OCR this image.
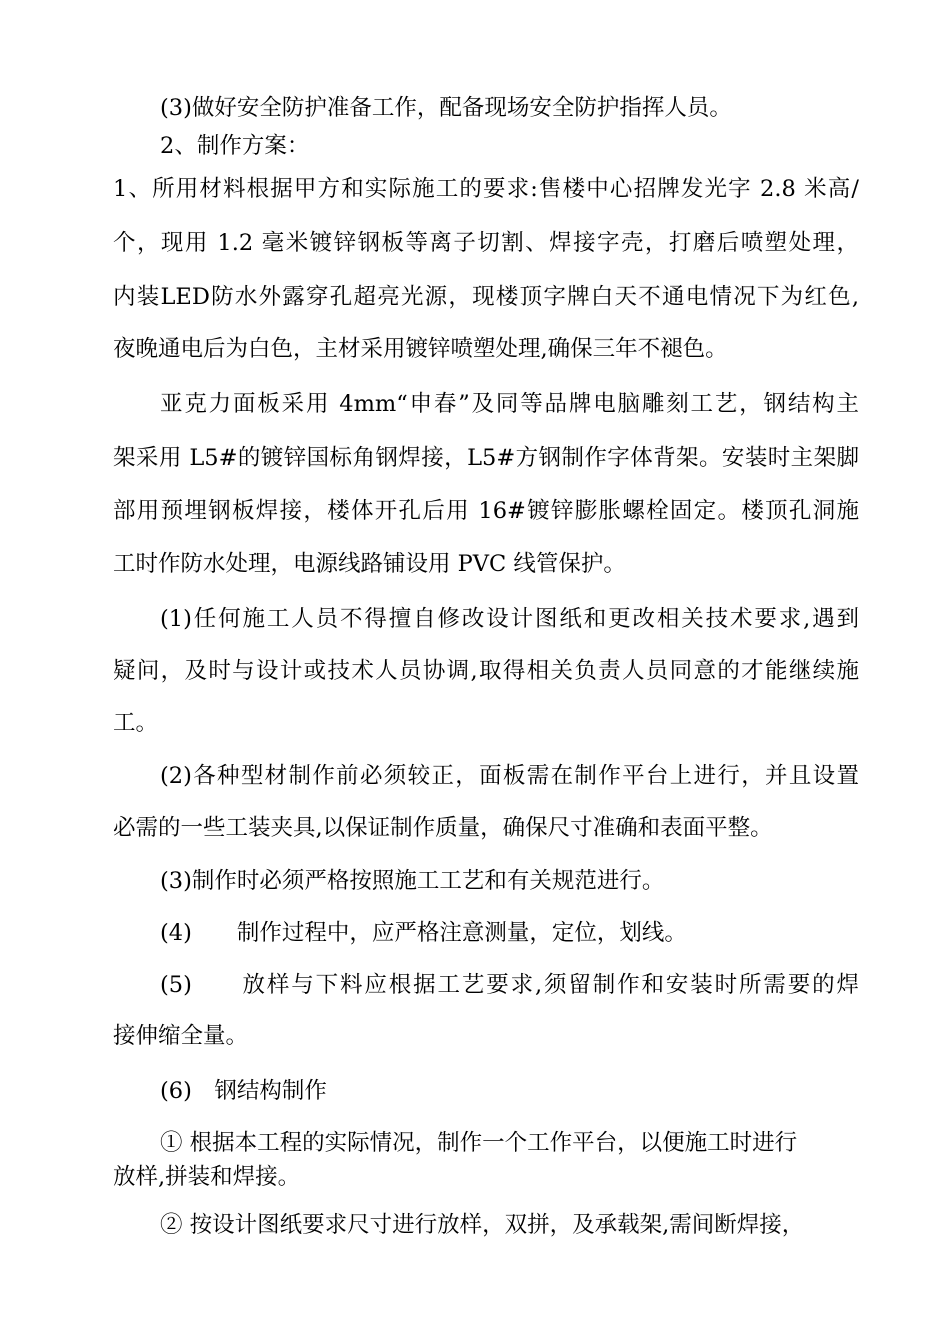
(3)做好安全防护准备工作，配备现场安全防护指挥人员。

2、制作方案：

1、所用材料根据甲方和实际施工的要求:售楼中心招牌发光字 2.8 米高/

个，现用 1.2 毫米镀锌钢板等离子切割、焊接字壳，打磨后喷塑处理，

内装LED防水外露穿孔超亮光源，现楼顶字牌白天不通电情况下为红色,

夜晚通电后为白色，主材采用镀锌喷塑处理,确保三年不褪色。

亚克力面板采用 4mm“申春”及同等品牌电脑雕刻工艺，钢结构主

架采用 L5#的镀锌国标角钢焊接，L5#方钢制作字体背架。安装时主架脚

部用预埋钢板焊接，楼体开孔后用 16#镀锌膨胀螺栓固定。楼顶孔洞施

工时作防水处理，电源线路铺设用 PVC 线管保护。

(1)任何施工人员不得擅自修改设计图纸和更改相关技术要求,遇到

疑问，及时与设计或技术人员协调,取得相关负责人员同意的才能继续施

工。

(2)各种型材制作前必须较正，面板需在制作平台上进行，并且设置

必需的一些工装夹具,以保证制作质量，确保尺寸准确和表面平整。

(3)制作时必须严格按照施工工艺和有关规范进行。

(4)　　制作过程中，应严格注意测量，定位，划线。

(5)　　放样与下料应根据工艺要求,须留制作和安装时所需要的焊

接伸缩全量。

(6)　钢结构制作

① 根据本工程的实际情况，制作一个工作平台，以便施工时进行

放样,拼装和焊接。

② 按设计图纸要求尺寸进行放样，双拼，及承载架,需间断焊接，
